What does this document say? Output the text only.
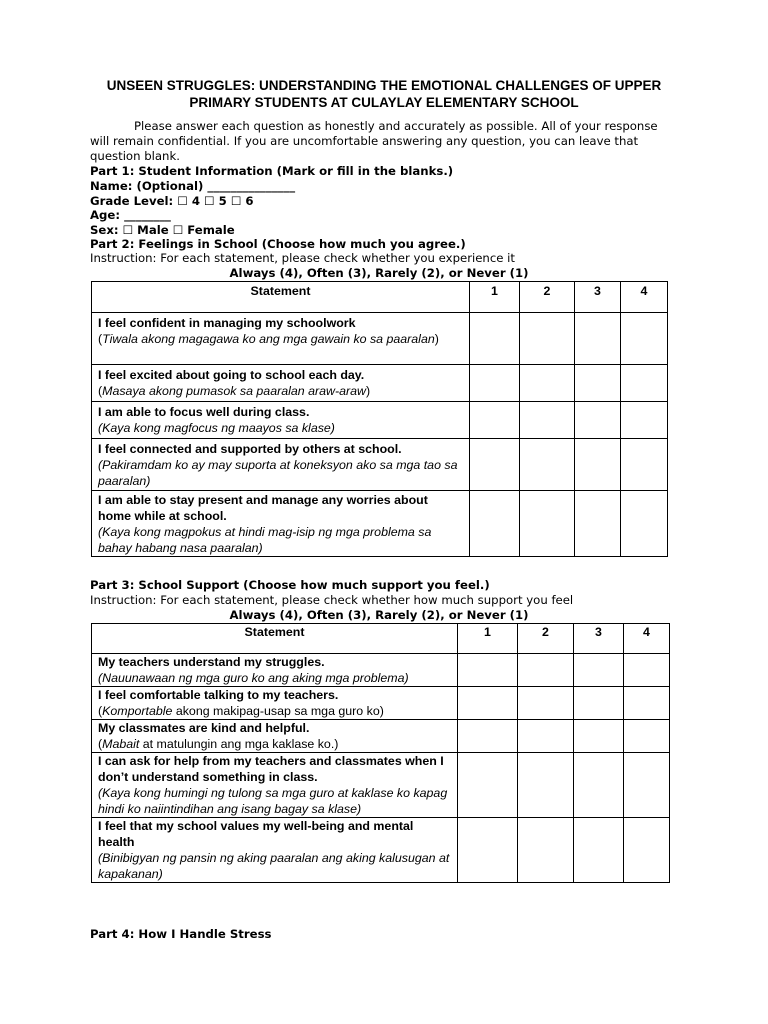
UNSEEN STRUGGLES: UNDERSTANDING THE EMOTIONAL CHALLENGES OF UPPER PRIMARY STUDENTS AT CULAYLAY ELEMENTARY SCHOOL
Please answer each question as honestly and accurately as possible. All of your response will remain confidential. If you are uncomfortable answering any question, you can leave that question blank.
Part 1: Student Information (Mark or fill in the blanks.)
Name: (Optional) _______________
Grade Level: ☐ 4 ☐ 5 ☐ 6
Age: ________
Sex: ☐ Male ☐ Female
Part 2: Feelings in School (Choose how much you agree.)
Instruction: For each statement, please check whether you experience it
Always (4), Often (3), Rarely (2), or Never (1)
Statement	1	2	3	4

I feel confident in managing my schoolwork
(Tiwala akong magagawa ko ang mga gawain ko sa paaralan)				

I feel excited about going to school each day.
(Masaya akong pumasok sa paaralan araw-araw)				

I am able to focus well during class.
(Kaya kong magfocus ng maayos sa klase)				

I feel connected and supported by others at school.
(Pakiramdam ko ay may suporta at koneksyon ako sa mga tao sa paaralan)				

I am able to stay present and manage any worries about home while at school.
(Kaya kong magpokus at hindi mag-isip ng mga problema sa bahay habang nasa paaralan)				

Part 3: School Support (Choose how much support you feel.)
Instruction: For each statement, please check whether how much support you feel
Always (4), Often (3), Rarely (2), or Never (1)
Statement	1	2	3	4

My teachers understand my struggles.
(Nauunawaan ng mga guro ko ang aking mga problema)				

I feel comfortable talking to my teachers.
(Komportable akong makipag-usap sa mga guro ko)				

My classmates are kind and helpful.
(Mabait at matulungin ang mga kaklase ko.)				

I can ask for help from my teachers and classmates when I don’t understand something in class.
(Kaya kong humingi ng tulong sa mga guro at kaklase ko kapag hindi ko naiintindihan ang isang bagay sa klase)				

I feel that my school values my well-being and mental health
(Binibigyan ng pansin ng aking paaralan ang aking kalusugan at kapakanan)				

Part 4: How I Handle Stress
